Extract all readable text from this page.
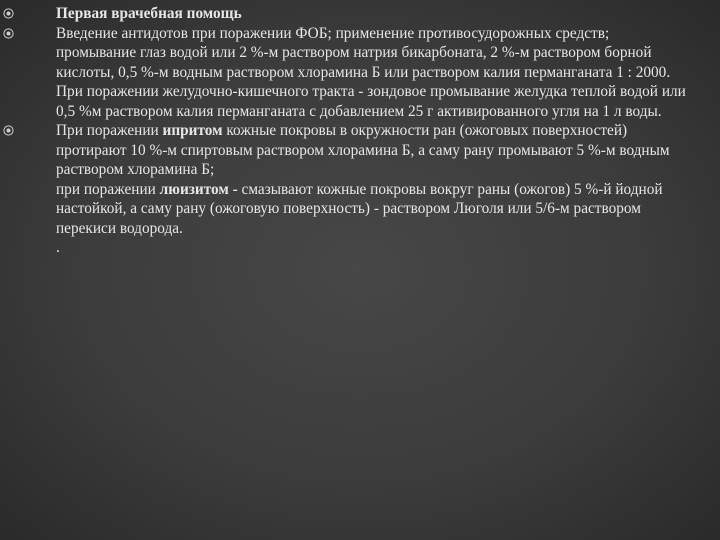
Первая врачебная помощь

Введение антидотов при поражении ФОБ; применение противосудорожных средств; промывание глаз водой или 2 %-м раствором натрия бикарбоната, 2 %-м раствором борной кислоты, 0,5 %-м водным раствором хлорамина Б или раствором калия перманганата 1 : 2000. При поражении желудочно-кишечного тракта - зондовое промывание желудка теплой водой или 0,5 %м раствором калия перманганата с добавлением 25 г активированного угля на 1 л воды.

При поражении ипритом кожные покровы в окружности ран (ожоговых поверхностей) протирают 10 %-м спиртовым раствором хлорамина Б, а саму рану промывают 5 %-м водным раствором хлорамина Б;

при поражении люизитом - смазывают кожные покровы вокруг раны (ожогов) 5 %-й йодной настойкой, а саму рану (ожоговую поверхность) - раствором Люголя или 5/6-м раствором перекиси водорода.

.
